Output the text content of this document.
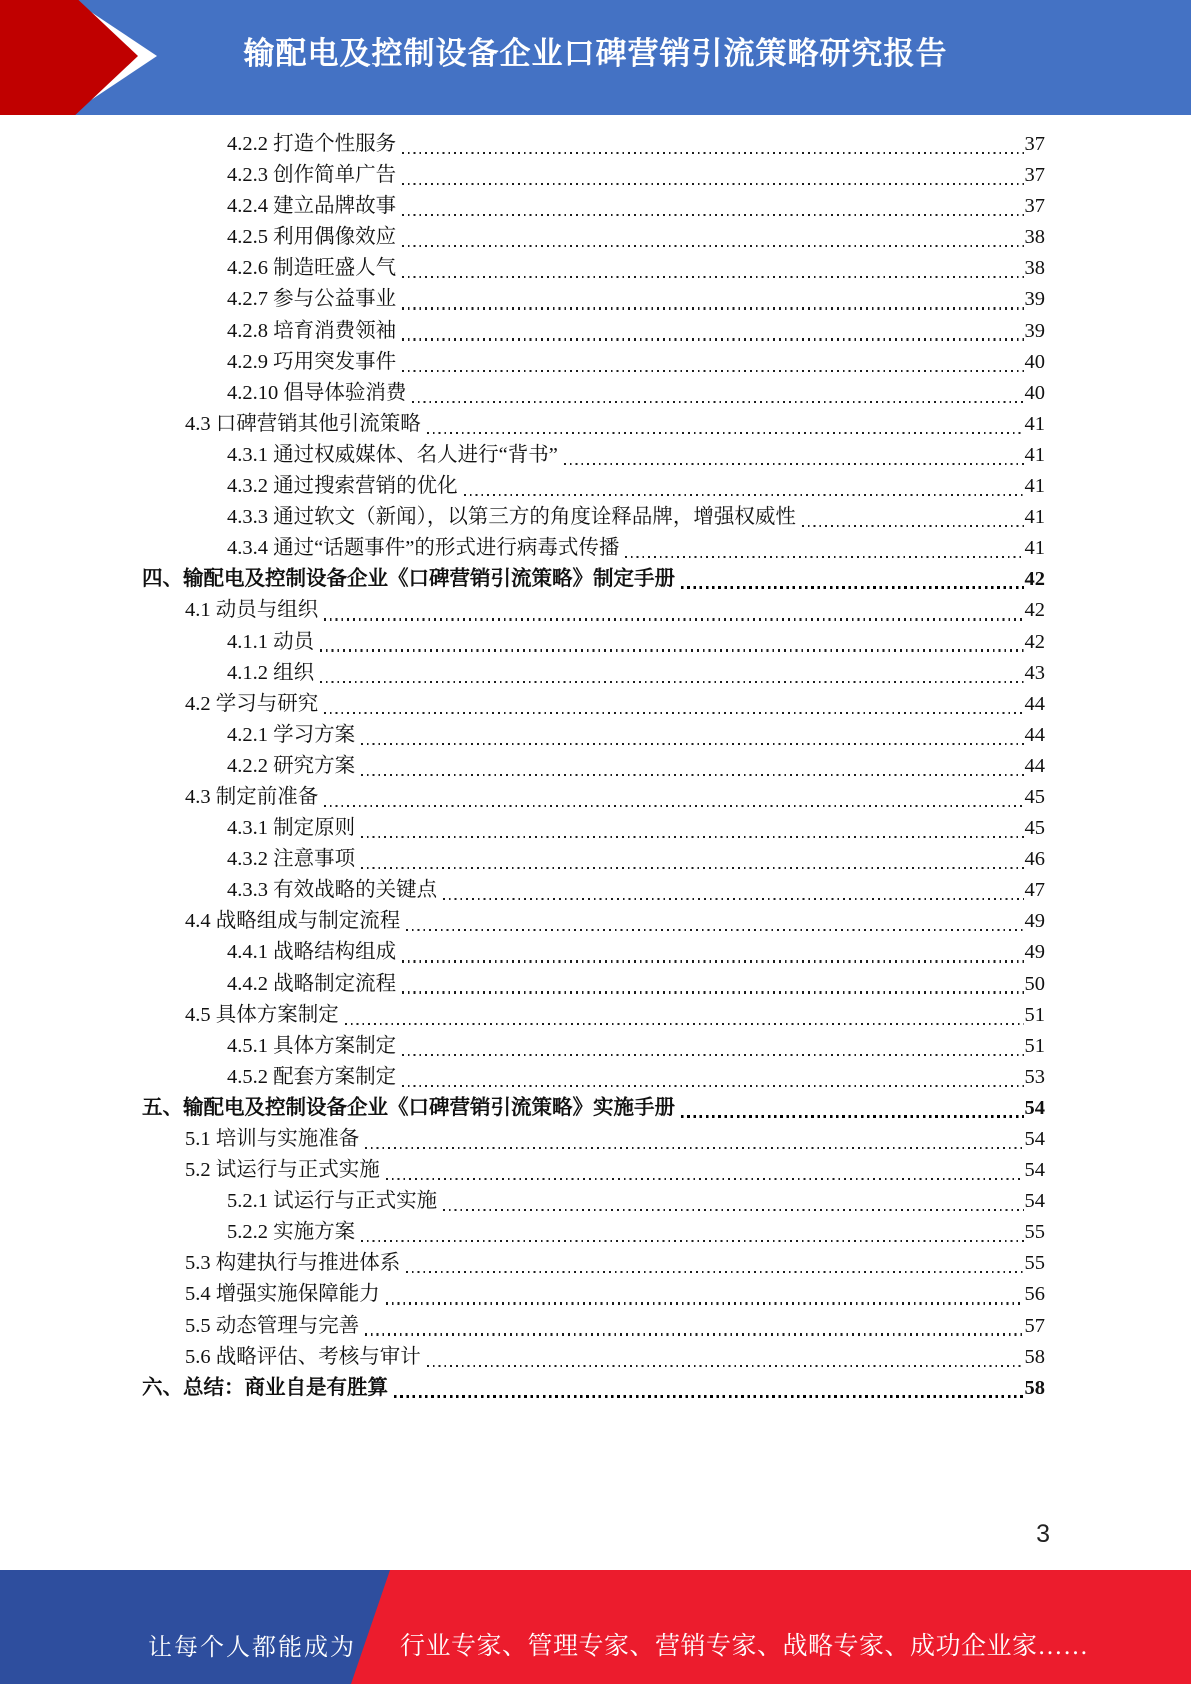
输配电及控制设备企业口碑营销引流策略研究报告
4.2.2 打造个性服务	37
4.2.3 创作简单广告	37
4.2.4 建立品牌故事	37
4.2.5 利用偶像效应	38
4.2.6 制造旺盛人气	38
4.2.7 参与公益事业	39
4.2.8 培育消费领袖	39
4.2.9 巧用突发事件	40
4.2.10 倡导体验消费	40
4.3 口碑营销其他引流策略	41
4.3.1 通过权威媒体、名人进行“背书”	41
4.3.2 通过搜索营销的优化	41
4.3.3 通过软文（新闻），以第三方的角度诠释品牌，增强权威性	41
4.3.4 通过“话题事件”的形式进行病毒式传播	41
四、输配电及控制设备企业《口碑营销引流策略》制定手册	42
4.1 动员与组织	42
4.1.1 动员	42
4.1.2 组织	43
4.2 学习与研究	44
4.2.1 学习方案	44
4.2.2 研究方案	44
4.3 制定前准备	45
4.3.1 制定原则	45
4.3.2 注意事项	46
4.3.3 有效战略的关键点	47
4.4 战略组成与制定流程	49
4.4.1 战略结构组成	49
4.4.2 战略制定流程	50
4.5 具体方案制定	51
4.5.1 具体方案制定	51
4.5.2 配套方案制定	53
五、输配电及控制设备企业《口碑营销引流策略》实施手册	54
5.1 培训与实施准备	54
5.2 试运行与正式实施	54
5.2.1 试运行与正式实施	54
5.2.2 实施方案	55
5.3 构建执行与推进体系	55
5.4 增强实施保障能力	56
5.5 动态管理与完善	57
5.6 战略评估、考核与审计	58
六、总结：商业自是有胜算	58
3
让每个人都能成为 行业专家、管理专家、营销专家、战略专家、成功企业家……
